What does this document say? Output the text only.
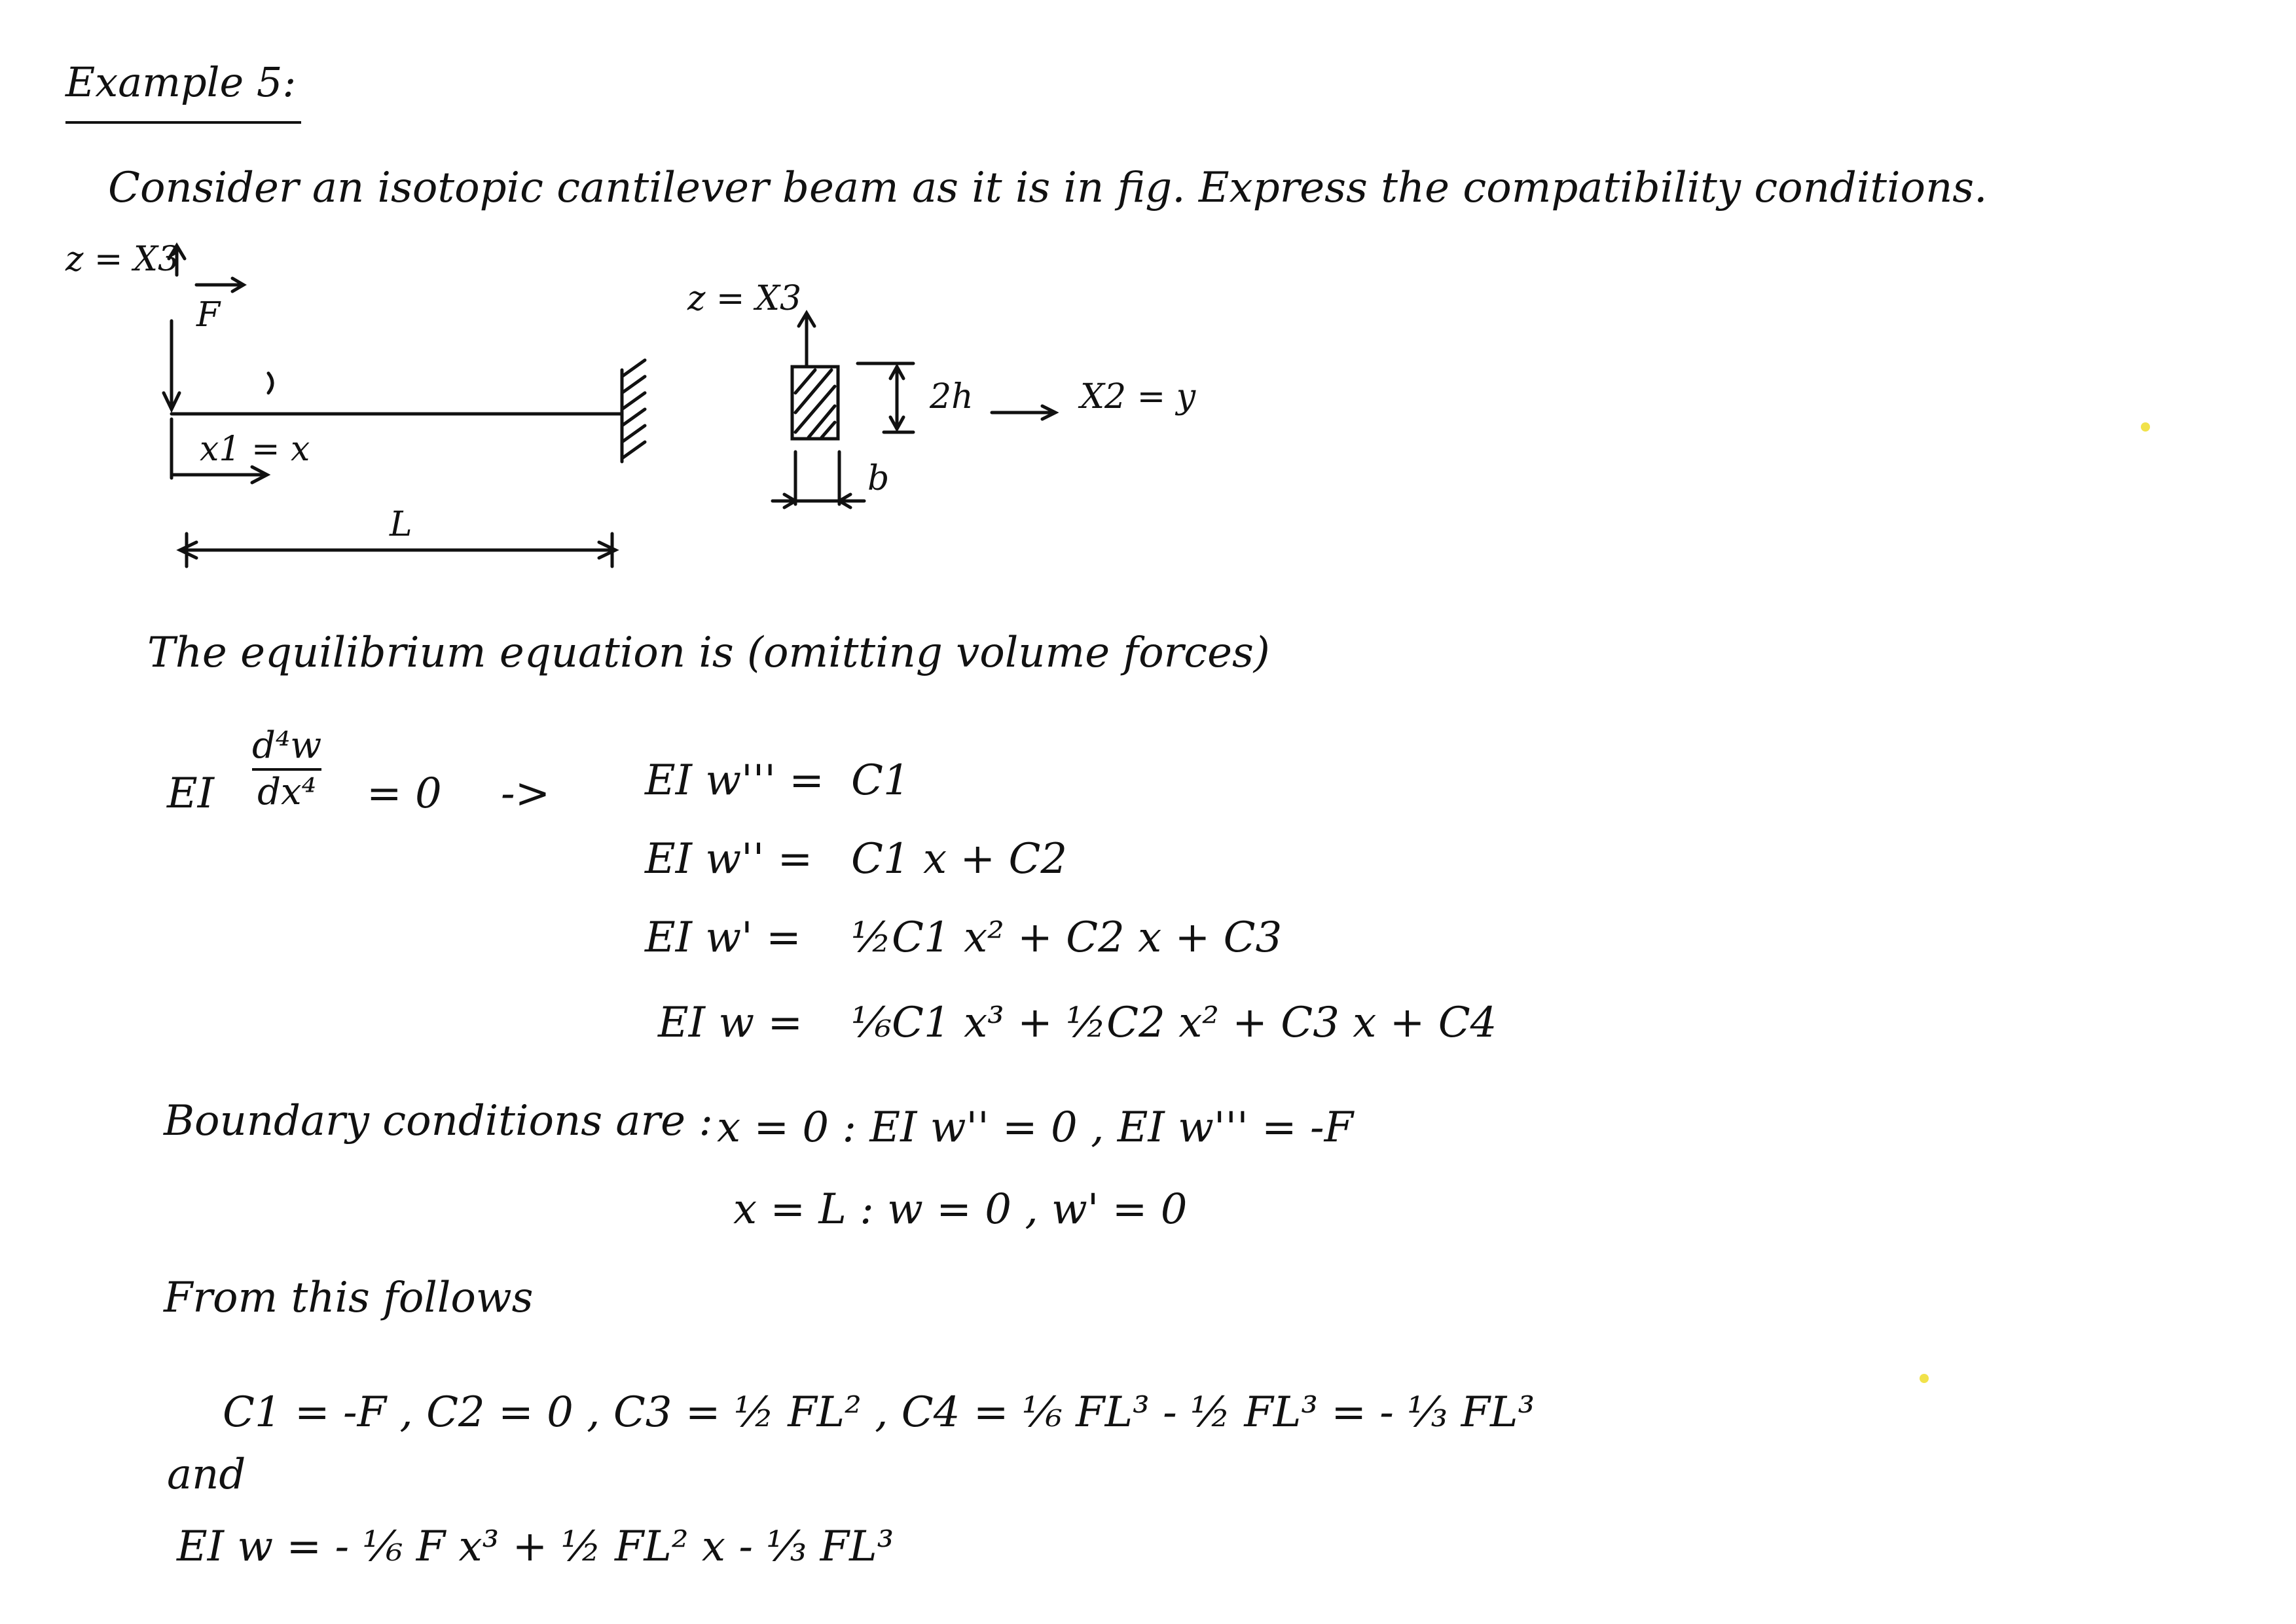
Example 5:
Consider an isotopic cantilever beam as it is in fig. Express the compatibility conditions.
z = X3
F
x1 = x
L
z = X3
2h	X2 = y
b
The equilibrium equation is (omitting volume forces)
EI
d⁴w
dx⁴ = 0 -> EI w''' = C1
EI w'' = C1 x + C2
EI w' = ½C1 x² + C2 x + C3
EI w = ⅙C1 x³ + ½C2 x² + C3 x + C4
Boundary conditions are : x = 0 : EI w'' = 0 , EI w''' = -F
x = L : w = 0 , w' = 0
From this follows
C1 = -F , C2 = 0 , C3 = ½ FL² , C4 = ⅙ FL³ - ½ FL³ = - ⅓ FL³
and
EI w = - ⅙ F x³ + ½ FL² x - ⅓ FL³
